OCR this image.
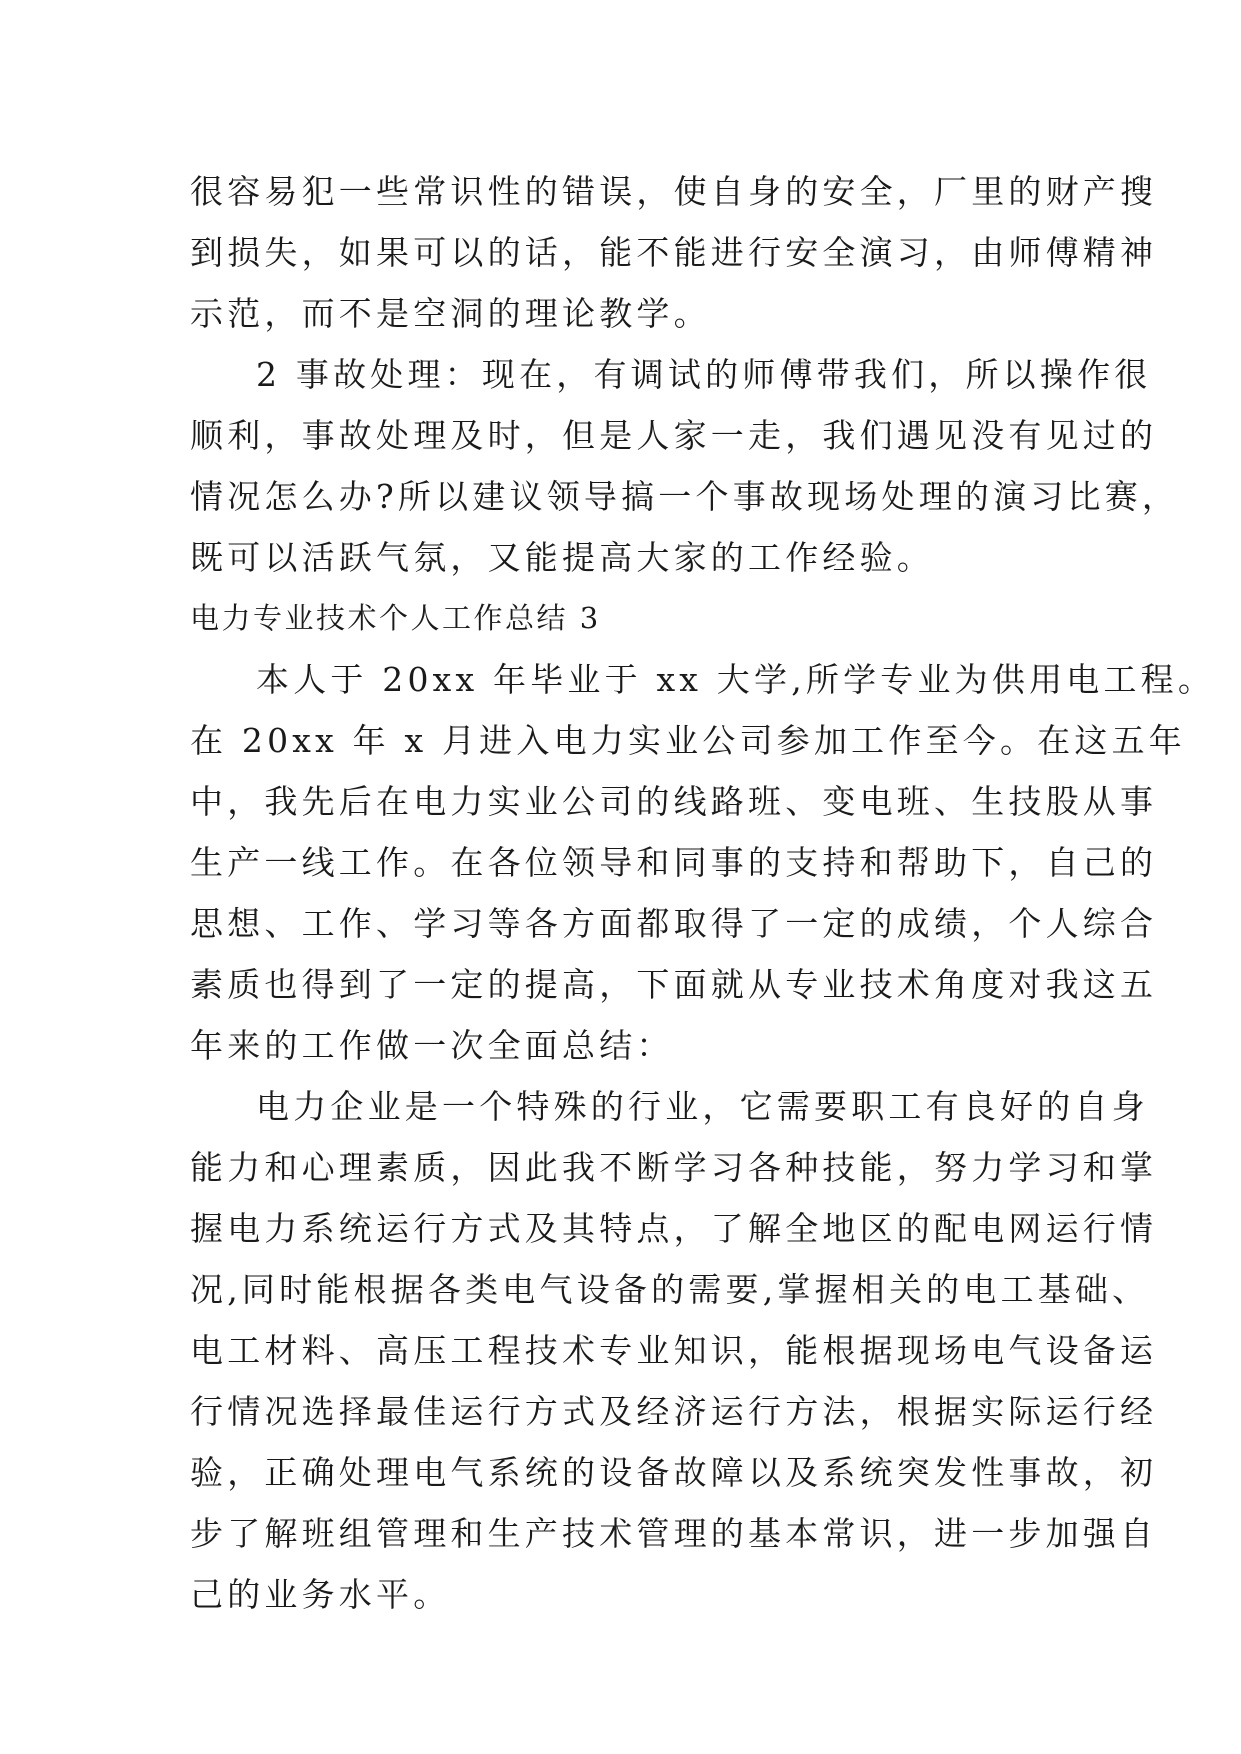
很容易犯一些常识性的错误，使自身的安全，厂里的财产搜
到损失，如果可以的话，能不能进行安全演习，由师傅精神
示范，而不是空洞的理论教学。
2 事故处理：现在，有调试的师傅带我们，所以操作很
顺利，事故处理及时，但是人家一走，我们遇见没有见过的
情况怎么办?所以建议领导搞一个事故现场处理的演习比赛，
既可以活跃气氛，又能提高大家的工作经验。
电力专业技术个人工作总结 3
本人于 20xx 年毕业于 xx 大学,所学专业为供用电工程。
在 20xx 年 x 月进入电力实业公司参加工作至今。在这五年
中，我先后在电力实业公司的线路班、变电班、生技股从事
生产一线工作。在各位领导和同事的支持和帮助下，自己的
思想、工作、学习等各方面都取得了一定的成绩，个人综合
素质也得到了一定的提高，下面就从专业技术角度对我这五
年来的工作做一次全面总结：
电力企业是一个特殊的行业，它需要职工有良好的自身
能力和心理素质，因此我不断学习各种技能，努力学习和掌
握电力系统运行方式及其特点，了解全地区的配电网运行情
况,同时能根据各类电气设备的需要,掌握相关的电工基础、
电工材料、高压工程技术专业知识，能根据现场电气设备运
行情况选择最佳运行方式及经济运行方法，根据实际运行经
验，正确处理电气系统的设备故障以及系统突发性事故，初
步了解班组管理和生产技术管理的基本常识，进一步加强自
己的业务水平。
